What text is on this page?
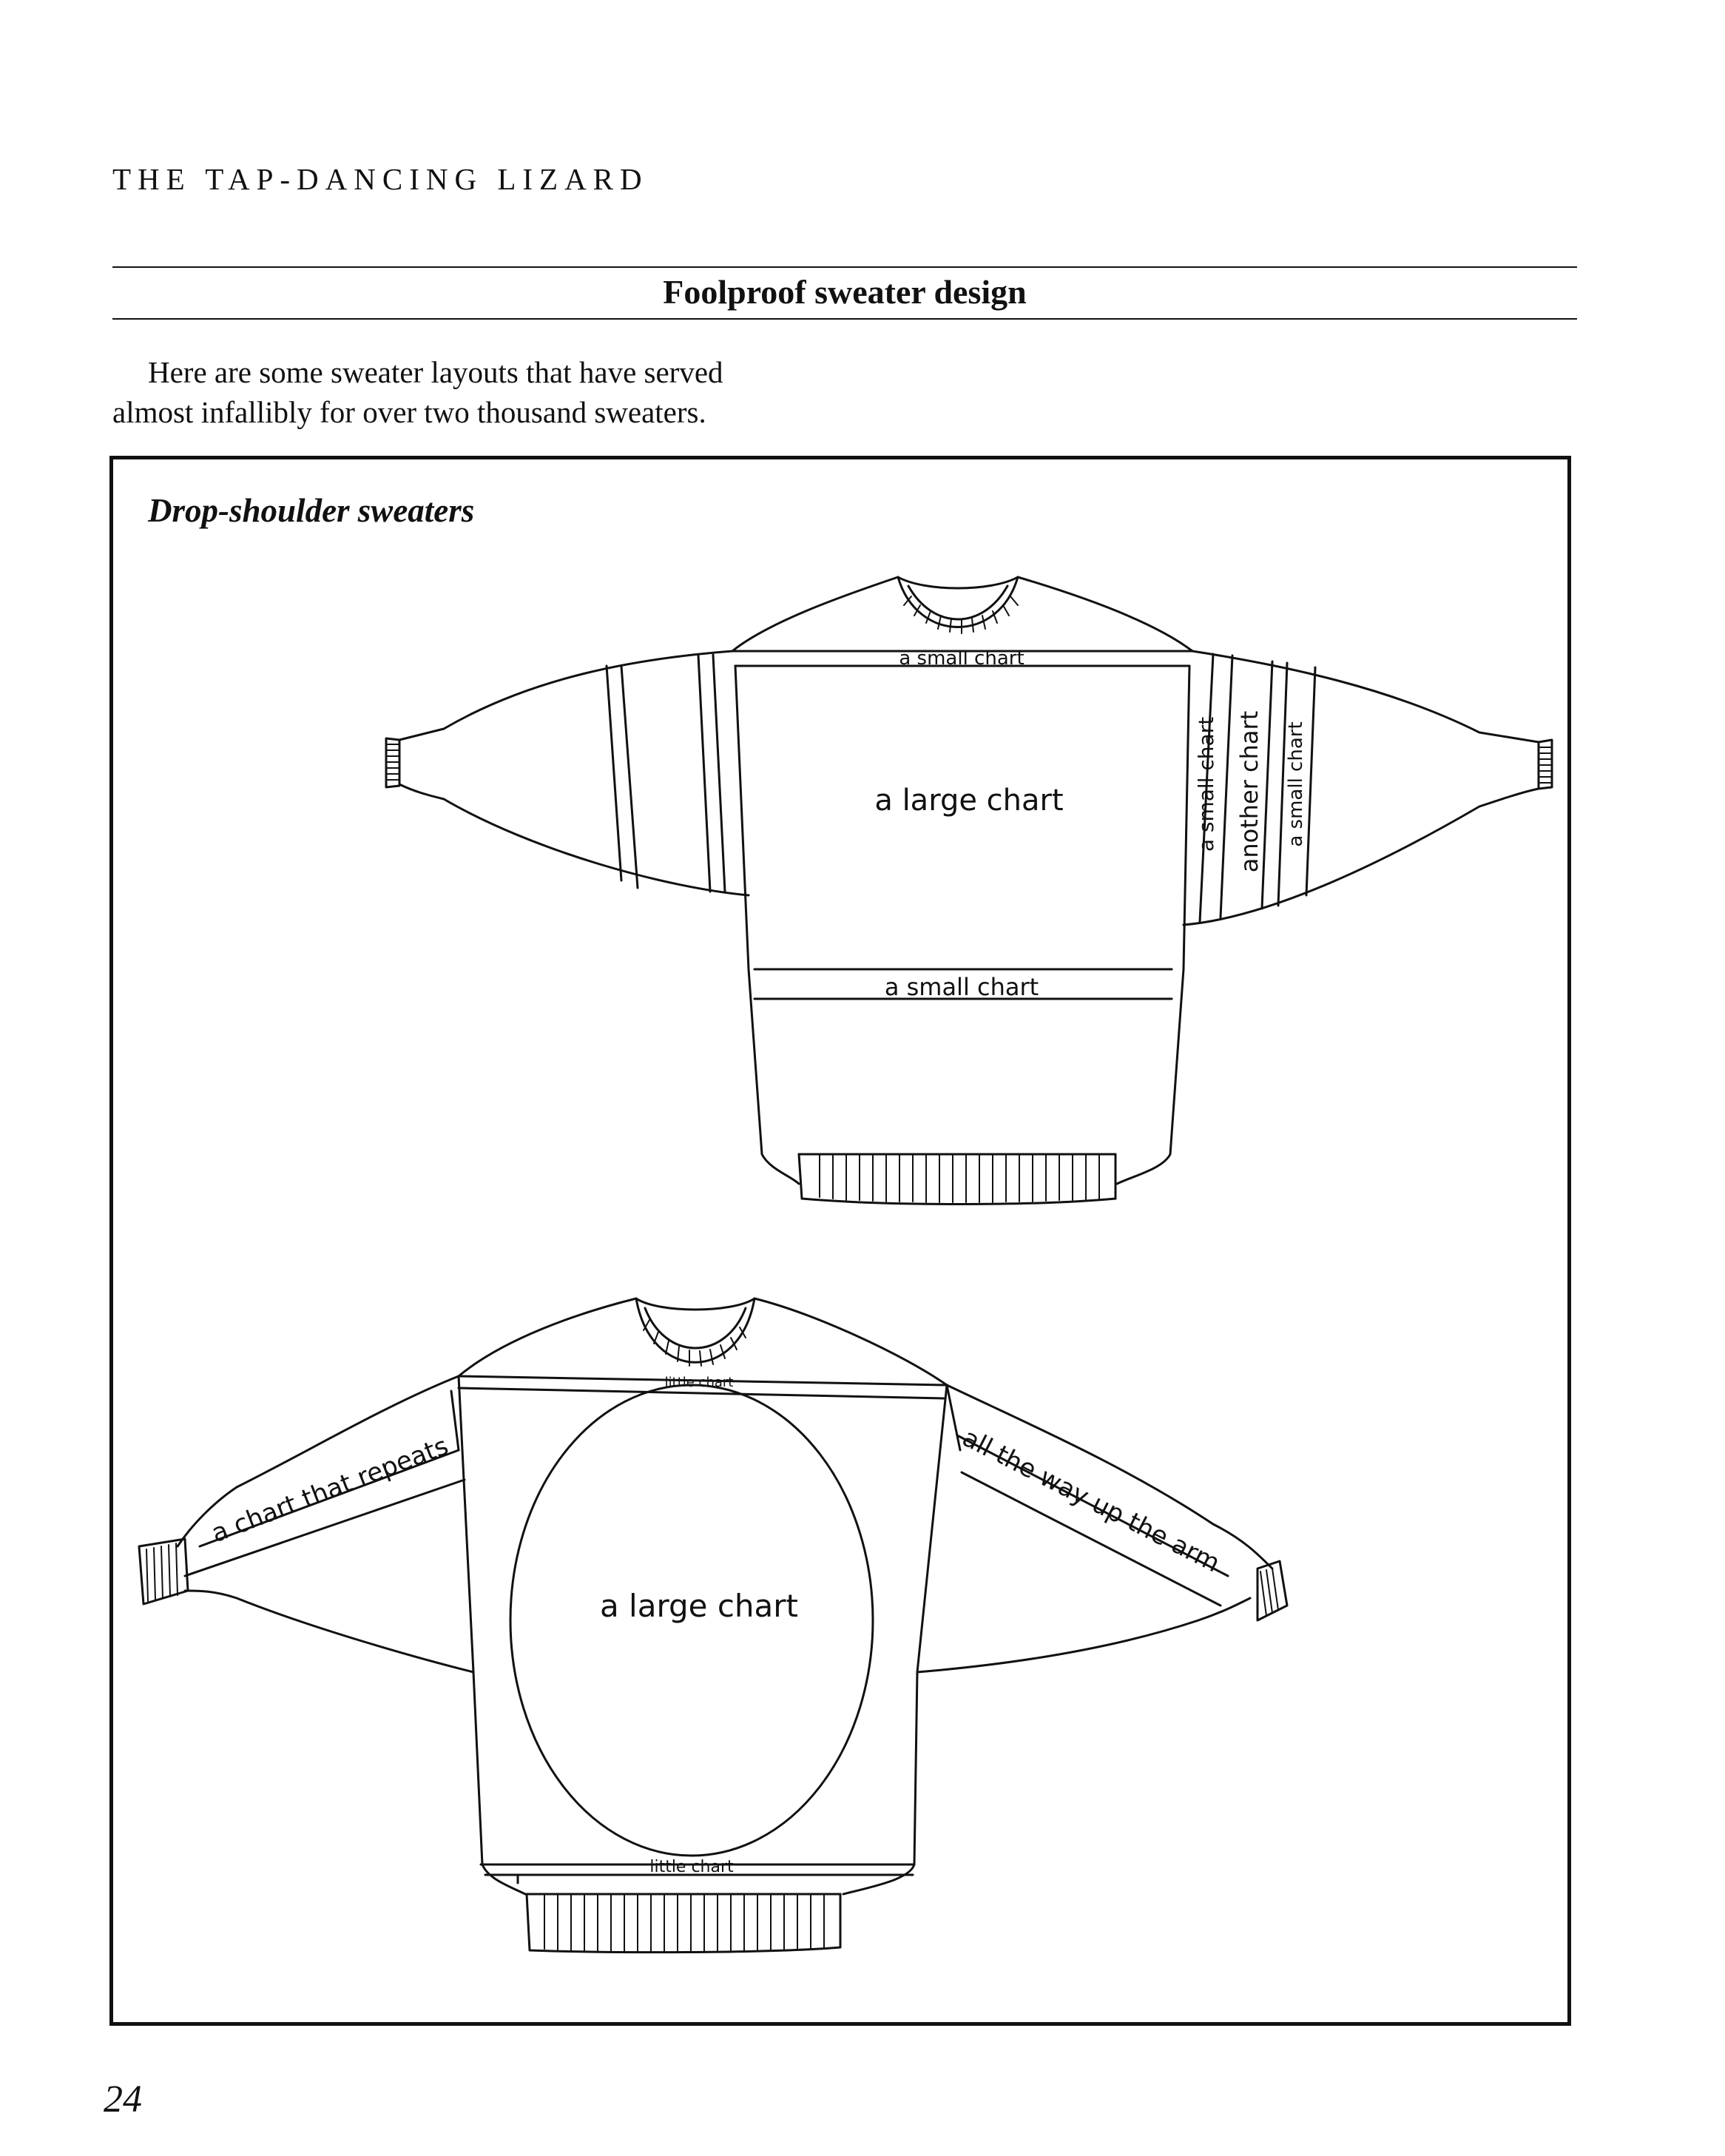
THE TAP-DANCING LIZARD
Foolproof sweater design
Here are some sweater layouts that have served
almost infallibly for over two thousand sweaters.
Drop-shoulder sweaters
a small chart
a large chart
a small chart
a small chart another chart a small chart
little chart
a large chart
little chart
a chart that repeats	all the way up the arm
24
